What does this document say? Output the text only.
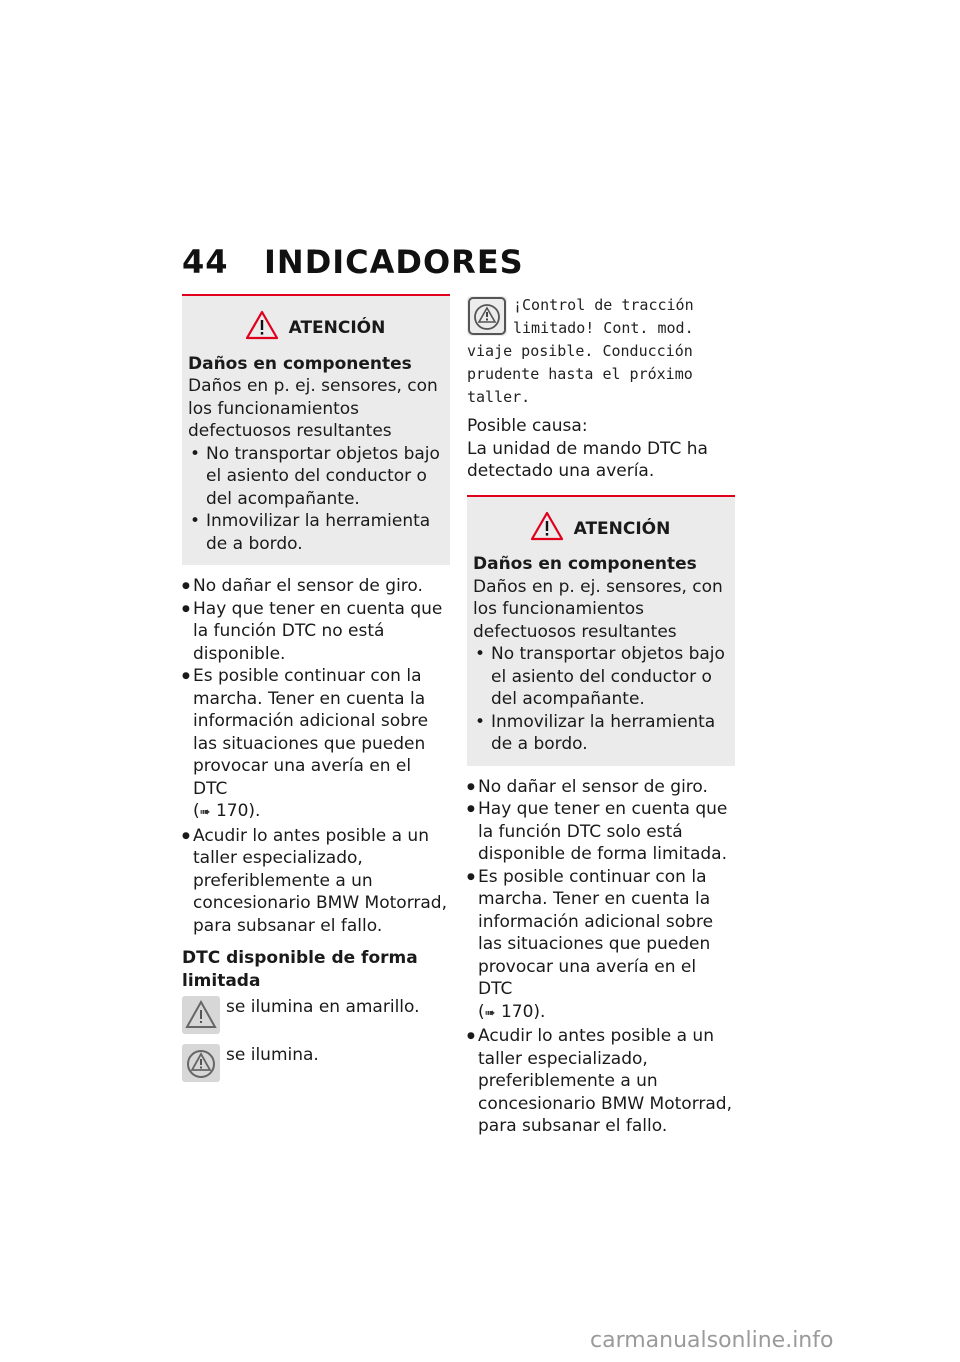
44 INDICADORES
ATENCIÓN
Daños en componentes
Daños en p. ej. sensores, con los funcionamientos defectuosos resultantes
• No transportar objetos bajo el asiento del conductor o del acompañante.
• Inmovilizar la herramienta de a bordo.
● No dañar el sensor de giro.
● Hay que tener en cuenta que la función DTC no está disponible.
● Es posible continuar con la marcha. Tener en cuenta la información adicional sobre las situaciones que pueden provocar una avería en el DTC
(➠ 170).
● Acudir lo antes posible a un taller especializado, preferiblemente a un concesionario BMW Motorrad, para subsanar el fallo.
DTC disponible de forma limitada
se ilumina en amarillo.
se ilumina.
¡Control de tracción limitado! Cont. mod. viaje posible. Conducción prudente hasta el próximo taller.
Posible causa:
La unidad de mando DTC ha detectado una avería.
ATENCIÓN
Daños en componentes
Daños en p. ej. sensores, con los funcionamientos defectuosos resultantes
• No transportar objetos bajo el asiento del conductor o del acompañante.
• Inmovilizar la herramienta de a bordo.
● No dañar el sensor de giro.
● Hay que tener en cuenta que la función DTC solo está disponible de forma limitada.
● Es posible continuar con la marcha. Tener en cuenta la información adicional sobre las situaciones que pueden provocar una avería en el DTC
(➠ 170).
● Acudir lo antes posible a un taller especializado, preferiblemente a un concesionario BMW Motorrad, para subsanar el fallo.
carmanualsonline.info
